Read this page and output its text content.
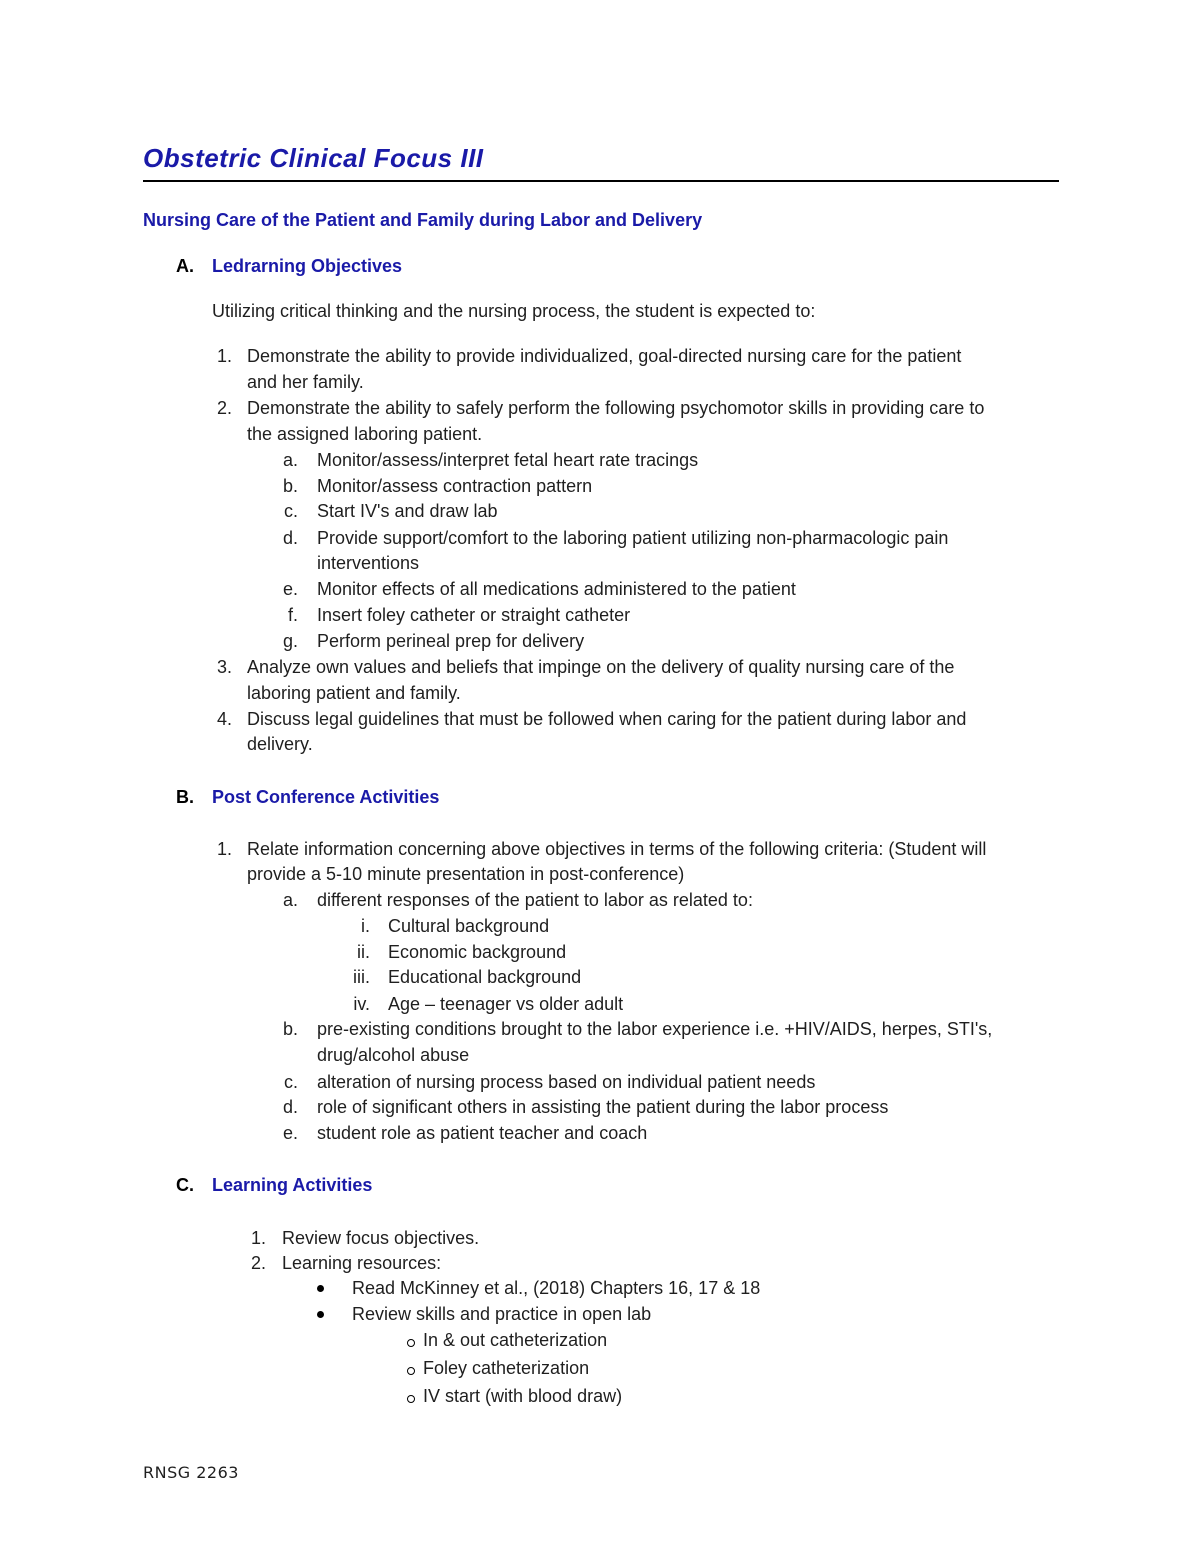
Obstetric Clinical Focus III
Nursing Care of the Patient and Family during Labor and Delivery
A. Ledrarning Objectives
Utilizing critical thinking and the nursing process, the student is expected to:
1. Demonstrate the ability to provide individualized, goal-directed nursing care for the patient
and her family.
2. Demonstrate the ability to safely perform the following psychomotor skills in providing care to
the assigned laboring patient.
a. Monitor/assess/interpret fetal heart rate tracings
b. Monitor/assess contraction pattern
c. Start IV's and draw lab
d. Provide support/comfort to the laboring patient utilizing non-pharmacologic pain
interventions
e. Monitor effects of all medications administered to the patient
f. Insert foley catheter or straight catheter
g. Perform perineal prep for delivery
3. Analyze own values and beliefs that impinge on the delivery of quality nursing care of the
laboring patient and family.
4. Discuss legal guidelines that must be followed when caring for the patient during labor and
delivery.
B. Post Conference Activities
1. Relate information concerning above objectives in terms of the following criteria: (Student will
provide a 5-10 minute presentation in post-conference)
a. different responses of the patient to labor as related to:
i. Cultural background
ii. Economic background
iii. Educational background
iv. Age – teenager vs older adult
b. pre-existing conditions brought to the labor experience i.e. +HIV/AIDS, herpes, STI's,
drug/alcohol abuse
c. alteration of nursing process based on individual patient needs
d. role of significant others in assisting the patient during the labor process
e. student role as patient teacher and coach
C. Learning Activities
1. Review focus objectives.
2. Learning resources:
Read McKinney et al., (2018) Chapters 16, 17 & 18
Review skills and practice in open lab
In & out catheterization
Foley catheterization
IV start (with blood draw)
RNSG 2263
